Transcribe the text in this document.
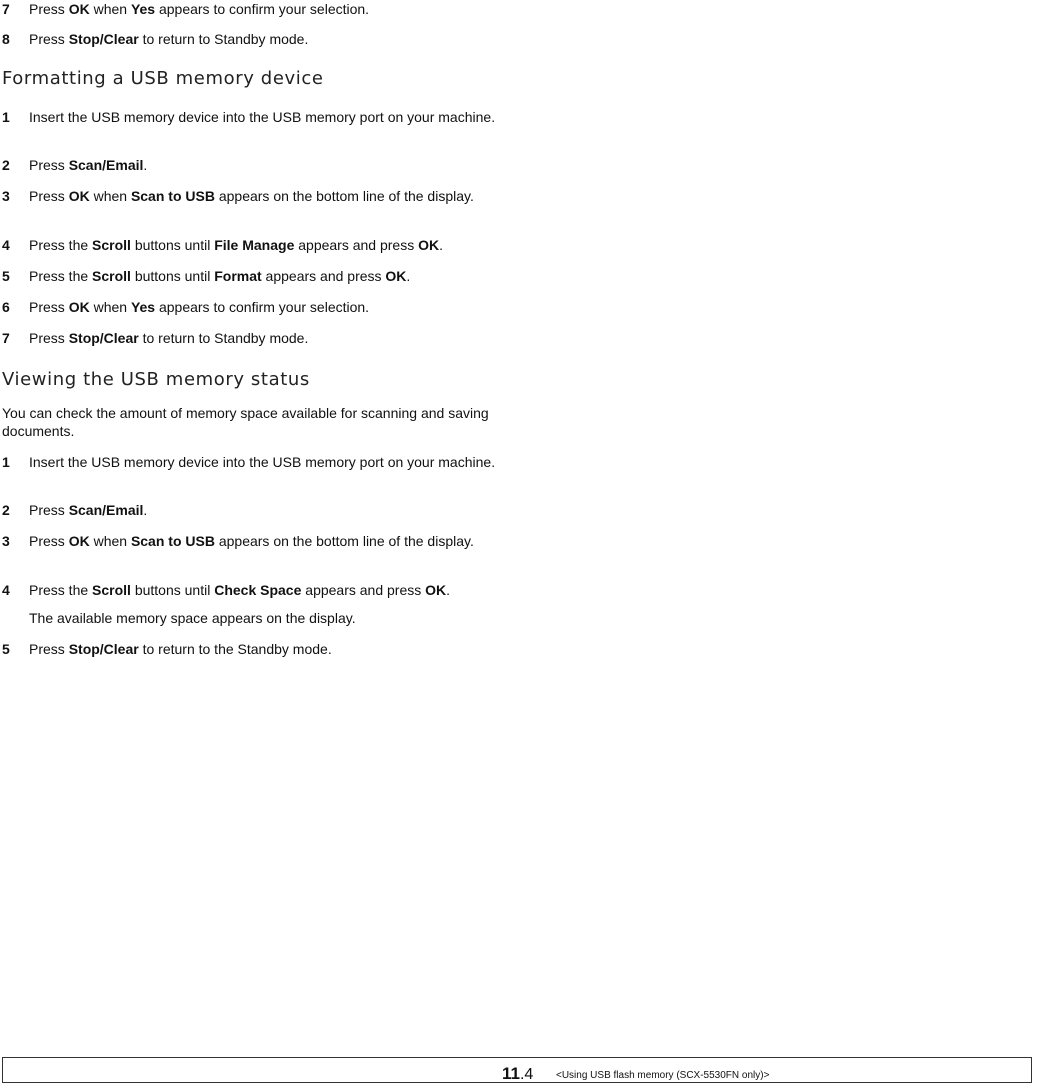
7 Press OK when Yes appears to confirm your selection.
8 Press Stop/Clear to return to Standby mode.
Formatting a USB memory device
1 Insert the USB memory device into the USB memory port on your machine.
2 Press Scan/Email.
3 Press OK when Scan to USB appears on the bottom line of the display.
4 Press the Scroll buttons until File Manage appears and press OK.
5 Press the Scroll buttons until Format appears and press OK.
6 Press OK when Yes appears to confirm your selection.
7 Press Stop/Clear to return to Standby mode.
Viewing the USB memory status
You can check the amount of memory space available for scanning and saving documents.
1 Insert the USB memory device into the USB memory port on your machine.
2 Press Scan/Email.
3 Press OK when Scan to USB appears on the bottom line of the display.
4 Press the Scroll buttons until Check Space appears and press OK.
The available memory space appears on the display.
5 Press Stop/Clear to return to the Standby mode.
11.4 <Using USB flash memory (SCX-5530FN only)>
